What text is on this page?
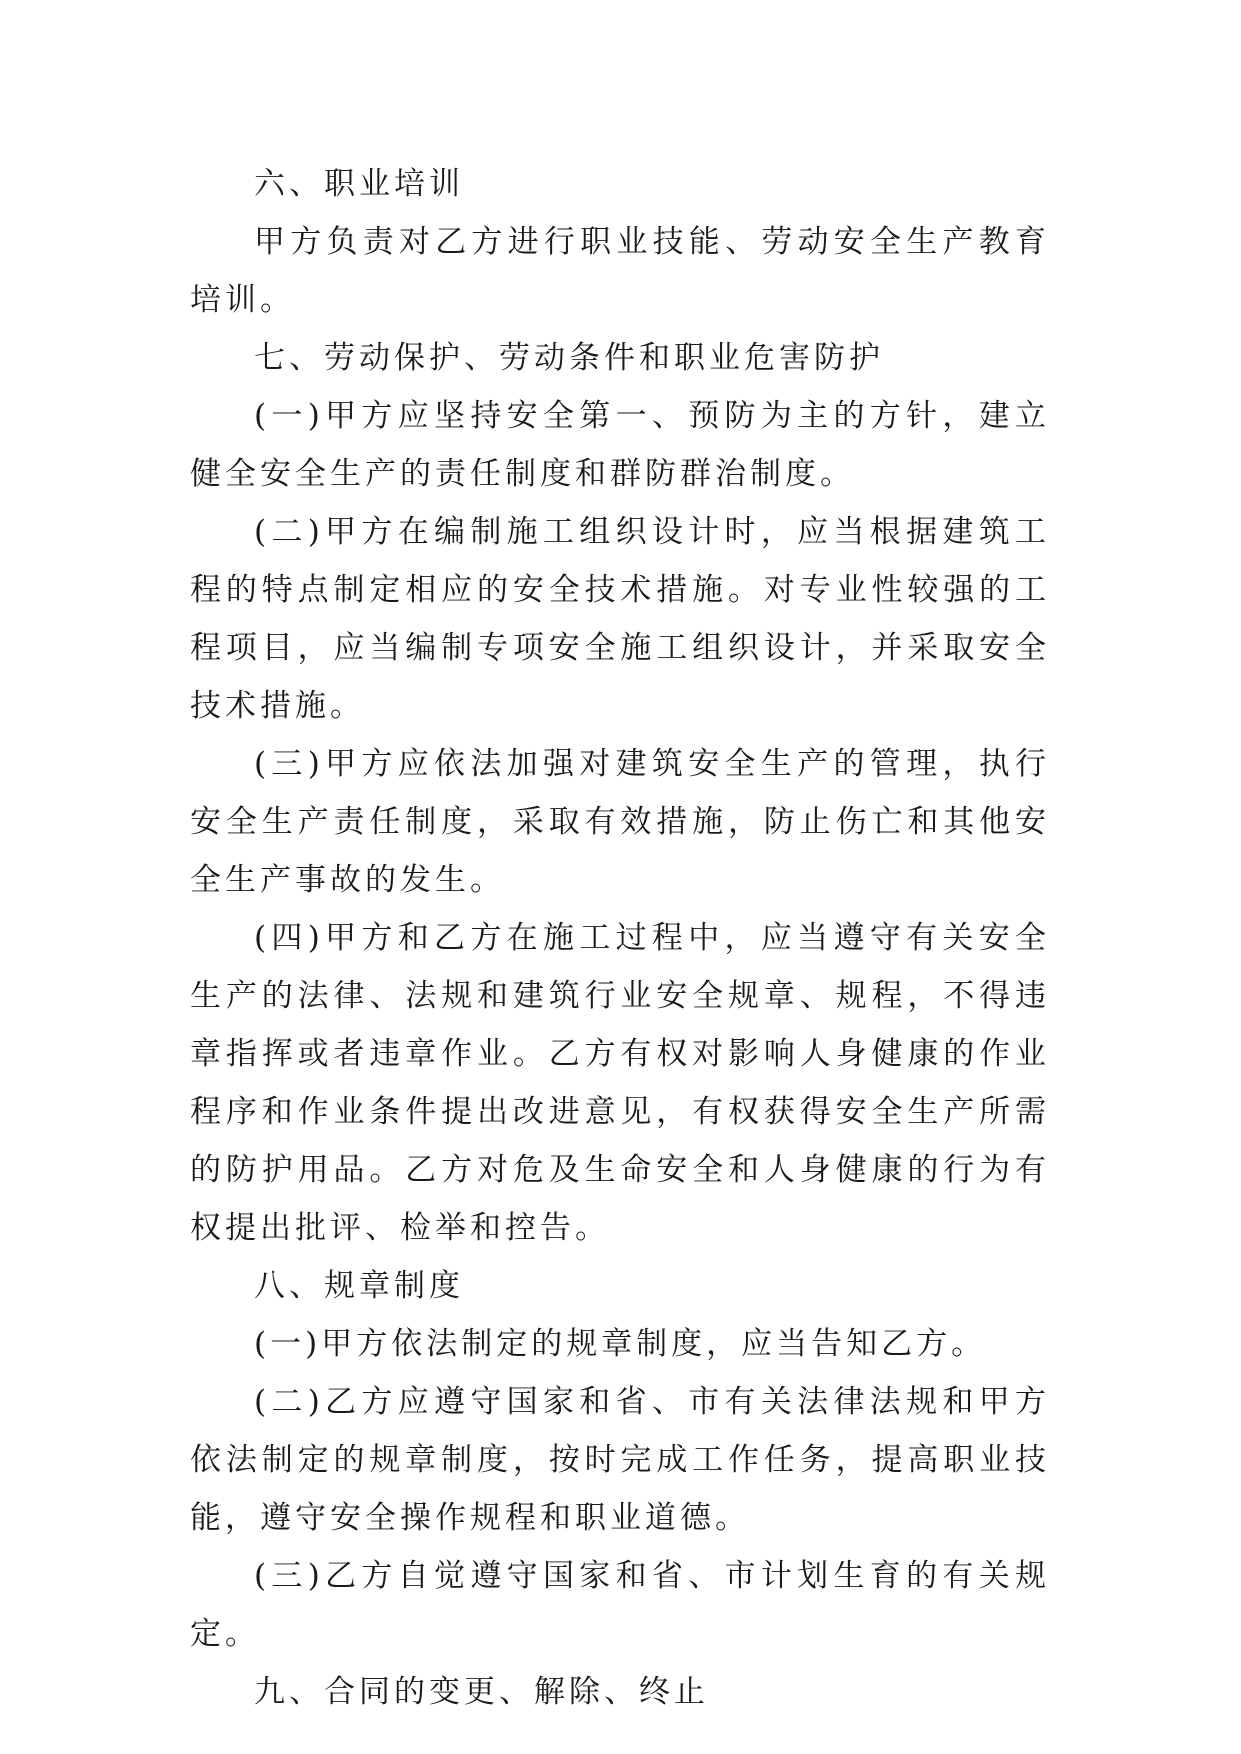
六、职业培训

甲方负责对乙方进行职业技能、劳动安全生产教育培训。

七、劳动保护、劳动条件和职业危害防护

(一)甲方应坚持安全第一、预防为主的方针，建立健全安全生产的责任制度和群防群治制度。

(二)甲方在编制施工组织设计时，应当根据建筑工程的特点制定相应的安全技术措施。对专业性较强的工程项目，应当编制专项安全施工组织设计，并采取安全技术措施。

(三)甲方应依法加强对建筑安全生产的管理，执行安全生产责任制度，采取有效措施，防止伤亡和其他安全生产事故的发生。

(四)甲方和乙方在施工过程中，应当遵守有关安全生产的法律、法规和建筑行业安全规章、规程，不得违章指挥或者违章作业。乙方有权对影响人身健康的作业程序和作业条件提出改进意见，有权获得安全生产所需的防护用品。乙方对危及生命安全和人身健康的行为有权提出批评、检举和控告。

八、规章制度

(一)甲方依法制定的规章制度，应当告知乙方。

(二)乙方应遵守国家和省、市有关法律法规和甲方依法制定的规章制度，按时完成工作任务，提高职业技能，遵守安全操作规程和职业道德。

(三)乙方自觉遵守国家和省、市计划生育的有关规定。

九、合同的变更、解除、终止
